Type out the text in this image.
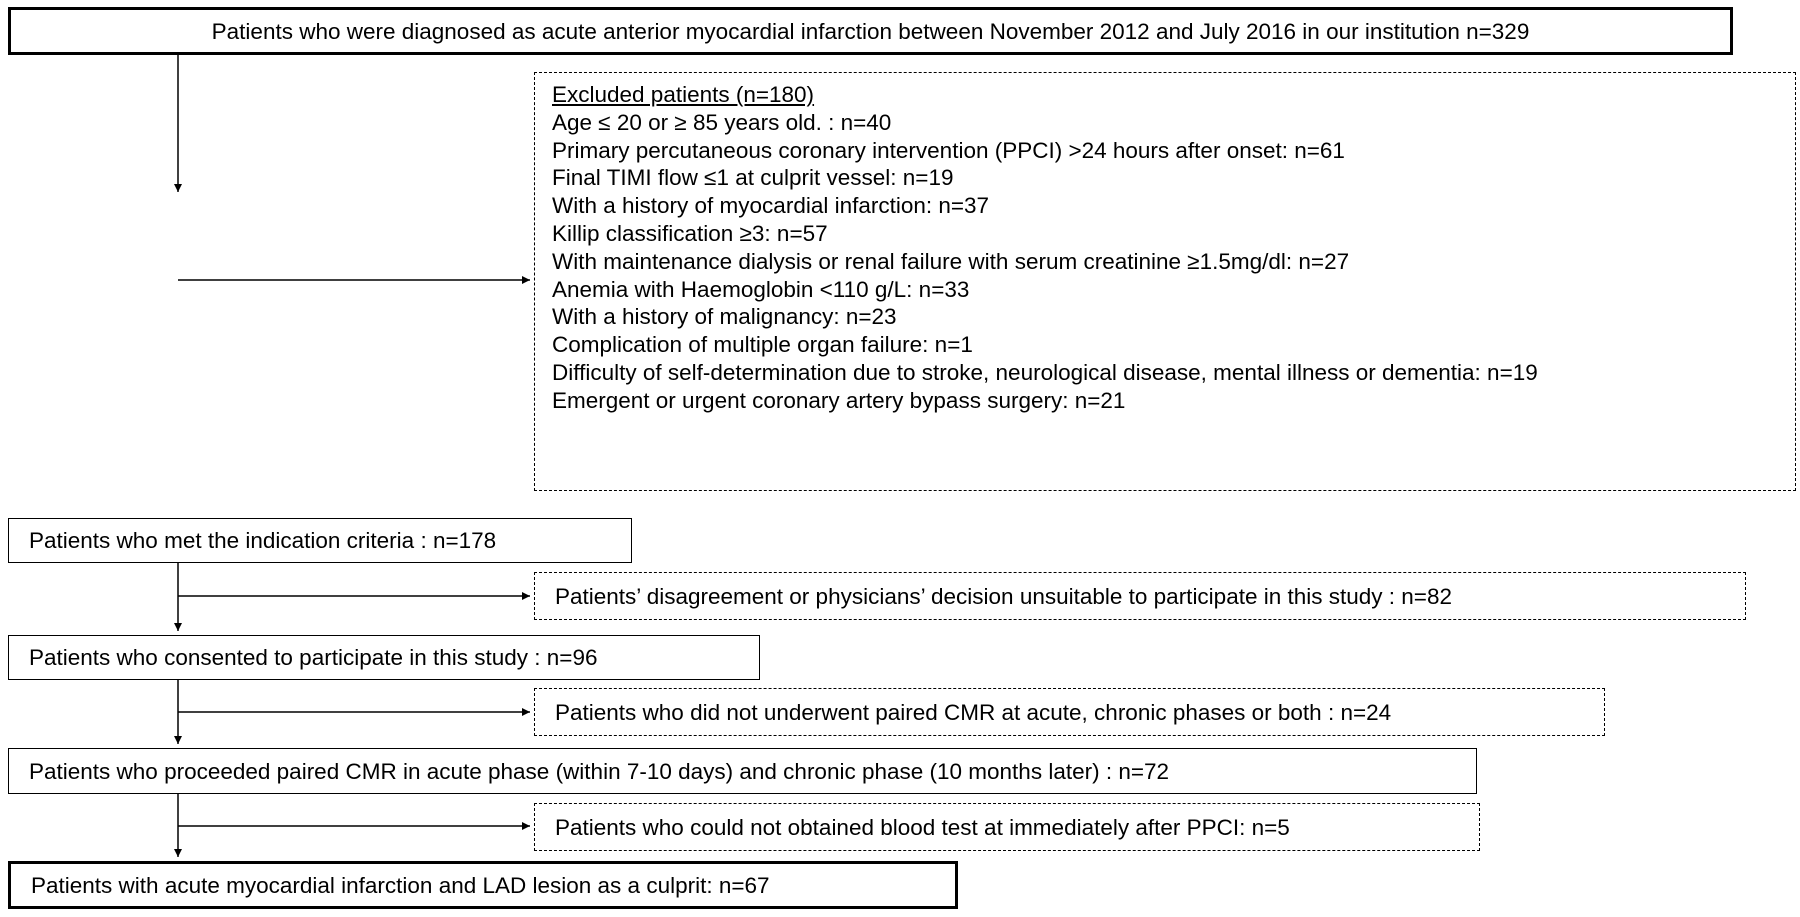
Patients who were diagnosed as acute anterior myocardial infarction between November 2012 and July 2016 in our institution n=329
Excluded patients (n=180)
Age ≤ 20 or ≥ 85 years old. : n=40
Primary percutaneous coronary intervention (PPCI) >24 hours after onset: n=61
Final TIMI flow ≤1 at culprit vessel: n=19
With a history of myocardial infarction: n=37
Killip classification ≥3: n=57
With maintenance dialysis or renal failure with serum creatinine ≥1.5mg/dl: n=27
Anemia with Haemoglobin <110 g/L: n=33
With a history of malignancy: n=23
Complication of multiple organ failure: n=1
Difficulty of self-determination due to stroke, neurological disease, mental illness or dementia: n=19
Emergent or urgent coronary artery bypass surgery: n=21
Patients who met the indication criteria : n=178
Patients’ disagreement or physicians’ decision unsuitable to participate in this study : n=82
Patients who consented to participate in this study : n=96
Patients who did not underwent paired CMR at acute, chronic phases or both : n=24
Patients who proceeded paired CMR in acute phase (within 7-10 days) and chronic phase (10 months later) : n=72
Patients who could not obtained blood test at immediately after PPCI: n=5
Patients with acute myocardial infarction and LAD lesion as a culprit: n=67
